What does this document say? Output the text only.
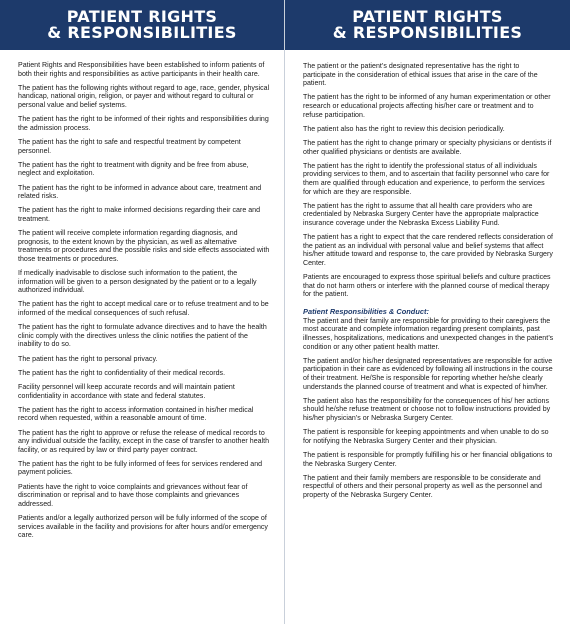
PATIENT RIGHTS
& RESPONSIBILITIES

Patient Rights and Responsibilities have been established to inform patients of both their rights and responsibilities as active participants in their health care.

The patient has the following rights without regard to age, race, gender, physical handicap, national origin, religion, or payer and without regard to cultural or personal value and belief systems.

The patient has the right to be informed of their rights and responsibilities during the admission process.

The patient has the right to safe and respectful treatment by competent personnel.

The patient has the right to treatment with dignity and be free from abuse, neglect and exploitation.

The patient has the right to be informed in advance about care, treatment and related risks.

The patient has the right to make informed decisions regarding their care and treatment.

The patient will receive complete information regarding diagnosis, and prognosis, to the extent known by the physician, as well as alternative treatments or procedures and the possible risks and side effects associated with those treatments or procedures.

If medically inadvisable to disclose such information to the patient, the information will be given to a person designated by the patient or to a legally authorized individual.

The patient has the right to accept medical care or to refuse treatment and to be informed of the medical consequences of such refusal.

The patient has the right to formulate advance directives and to have the health clinic comply with the directives unless the clinic notifies the patient of the inability to do so.

The patient has the right to personal privacy.

The patient has the right to confidentiality of their medical records.

Facility personnel will keep accurate records and will maintain patient confidentiality in accordance with state and federal statutes.

The patient has the right to access information contained in his/her medical record when requested, within a reasonable amount of time.

The patient has the right to approve or refuse the release of medical records to any individual outside the facility, except in the case of transfer to another health facility, or as required by law or third party payer contract.

The patient has the right to be fully informed of fees for services rendered and payment policies.

Patients have the right to voice complaints and grievances without fear of discrimination or reprisal and to have those complaints and grievances addressed.

Patients and/or a legally authorized person will be fully informed of the scope of services available in the facility and provisions for after hours and/or emergency care.

PATIENT RIGHTS
& RESPONSIBILITIES

The patient or the patient’s designated representative has the right to participate in the consideration of ethical issues that arise in the care of the patient.

The patient has the right to be informed of any human experimentation or other research or educational projects affecting his/her care or treatment and to refuse participation.

The patient also has the right to review this decision periodically.

The patient has the right to change primary or specialty physicians or dentists if other qualified physicians or dentists are available.

The patient has the right to identify the professional status of all individuals providing services to them, and to ascertain that facility personnel who care for them are qualified through education and experience, to perform the services for which are they are responsible.

The patient has the right to assume that all health care providers who are credentialed by Nebraska Surgery Center have the appropriate malpractice insurance coverage under the Nebraska Excess Liability Fund.

The patient has a right to expect that the care rendered reflects consideration of the patient as an individual with personal value and belief systems that affect his/her attitude toward and response to, the care provided by Nebraska Surgery Center.

Patients are encouraged to express those spiritual beliefs and culture practices that do not harm others or interfere with the planned course of medical therapy for the patient.

Patient Responsibilities & Conduct:

The patient and their family are responsible for providing to their caregivers the most accurate and complete information regarding present complaints, past illnesses, hospitalizations, medications and unexpected changes in the patient’s condition or any other patient health matter.

The patient and/or his/her designated representatives are responsible for active participation in their care as evidenced by following all instructions in the course of their treatment. He/She is responsible for reporting whether he/she clearly understands the planned course of treatment and what is expected of him/her.

The patient also has the responsibility for the consequences of his/ her actions should he/she refuse treatment or choose not to follow instructions provided by his/her physician’s or Nebraska Surgery Center.

The patient is responsible for keeping appointments and when unable to do so for notifying the Nebraska Surgery Center and their physician.

The patient is responsible for promptly fulfilling his or her financial obligations to the Nebraska Surgery Center.

The patient and their family members are responsible to be considerate and respectful of others and their personal property as well as the personnel and property of the Nebraska Surgery Center.
